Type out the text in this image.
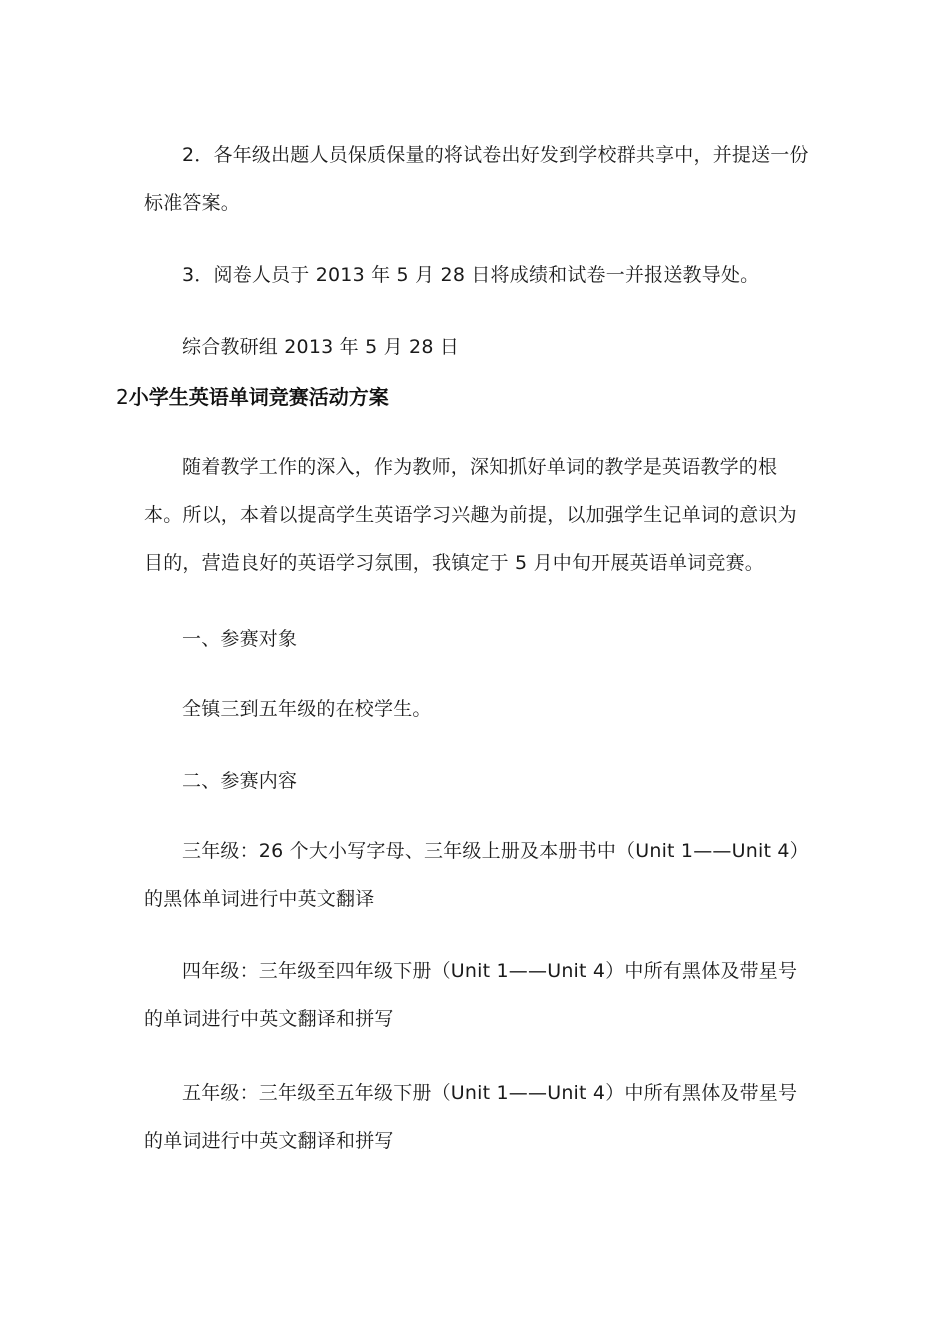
2．各年级出题人员保质保量的将试卷出好发到学校群共享中，并提送一份标准答案。

3．阅卷人员于 2013 年 5 月 28 日将成绩和试卷一并报送教导处。

综合教研组 2013 年 5 月 28 日

2小学生英语单词竞赛活动方案

随着教学工作的深入，作为教师，深知抓好单词的教学是英语教学的根本。所以，本着以提高学生英语学习兴趣为前提，以加强学生记单词的意识为目的，营造良好的英语学习氛围，我镇定于 5 月中旬开展英语单词竞赛。

一、参赛对象

全镇三到五年级的在校学生。

二、参赛内容

三年级：26 个大小写字母、三年级上册及本册书中（Unit 1——Unit 4）的黑体单词进行中英文翻译

四年级：三年级至四年级下册（Unit 1——Unit 4）中所有黑体及带星号的单词进行中英文翻译和拼写

五年级：三年级至五年级下册（Unit 1——Unit 4）中所有黑体及带星号的单词进行中英文翻译和拼写
